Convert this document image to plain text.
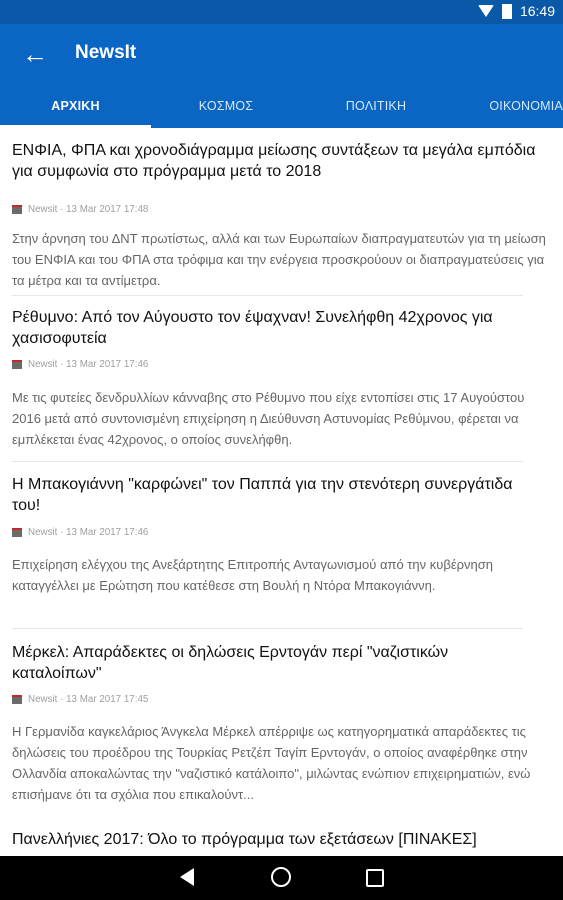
16:49
← NewsIt
ΑΡΧΙΚΗ	ΚΟΣΜΟΣ	ΠΟΛΙΤΙΚΗ	ΟΙΚΟΝΟΜΙΑ
ΕΝΦΙΑ, ΦΠΑ και χρονοδιάγραμμα μείωσης συντάξεων τα μεγάλα εμπόδια για συμφωνία στο πρόγραμμα μετά το 2018
Newsit · 13 Mar 2017 17:48
Στην άρνηση του ΔΝΤ πρωτίστως, αλλά και των Ευρωπαίων διαπραγματευτών για τη μείωση του ΕΝΦΙΑ και του ΦΠΑ στα τρόφιμα και την ενέργεια προσκρούουν οι διαπραγματεύσεις για τα μέτρα και τα αντίμετρα.
Ρέθυμνο: Από τον Αύγουστο τον έψαχναν! Συνελήφθη 42χρονος για χασισοφυτεία
Newsit · 13 Mar 2017 17:46
Με τις φυτείες δενδρυλλίων κάνναβης στο Ρέθυμνο που είχε εντοπίσει στις 17 Αυγούστου 2016 μετά από συντονισμένη επιχείρηση η Διεύθυνση Αστυνομίας Ρεθύμνου, φέρεται να εμπλέκεται ένας 42χρονος, ο οποίος συνελήφθη.
Η Μπακογιάννη "καρφώνει" τον Παππά για την στενότερη συνεργάτιδα του!
Newsit · 13 Mar 2017 17:46
Επιχείρηση ελέγχου της Ανεξάρτητης Επιτροπής Ανταγωνισμού από την κυβέρνηση καταγγέλλει με Ερώτηση που κατέθεσε στη Βουλή η Ντόρα Μπακογιάννη.
Μέρκελ: Απαράδεκτες οι δηλώσεις Ερντογάν περί "ναζιστικών καταλοίπων"
Newsit · 13 Mar 2017 17:45
Η Γερμανίδα καγκελάριος Άνγκελα Μέρκελ απέρριψε ως κατηγορηματικά απαράδεκτες τις δηλώσεις του προέδρου της Τουρκίας Ρετζέπ Ταγίπ Ερντογάν, ο οποίος αναφέρθηκε στην Ολλανδία αποκαλώντας την "ναζιστικό κατάλοιπο", μιλώντας ενώπιον επιχειρηματιών, ενώ επισήμανε ότι τα σχόλια που επικαλούντ...
Πανελλήνιες 2017: Όλο το πρόγραμμα των εξετάσεων [ΠΙΝΑΚΕΣ]
